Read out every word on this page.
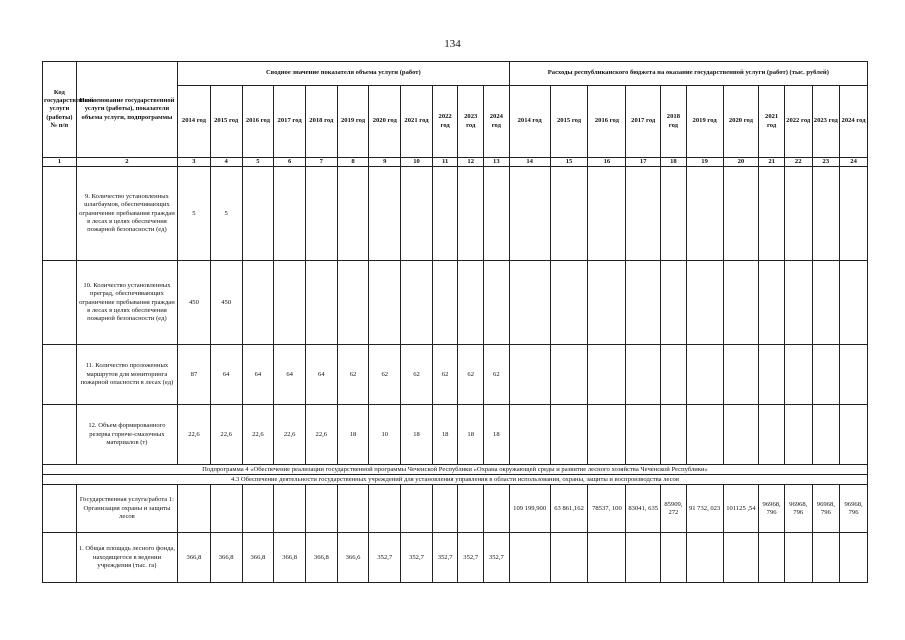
134
Код государственной услуги (работы) № п/п	Наименование государственной услуги (работы), показатели объема услуги, подпрограммы	Сводное значение показателя объема услуги (работ)											Расходы республиканского бюджета на оказание государственной услуги (работ) (тыс. рублей)										
		2014 год	2015 год	2016 год	2017 год	2018 год	2019 год	2020 год	2021 год	2022 год	2023 год	2024 год	2014 год	2015 год	2016 год	2017 год	2018 год	2019 год	2020 год	2021 год	2022 год	2023 год	2024 год
1	2	3	4	5	6	7	8	9	10	11	12	13	14	15	16	17	18	19	20	21	22	23	24
	9. Количество установленных шлагбаумов, обеспечивающих ограничение пребывания граждан в лесах в целях обеспечения пожарной безопасности (ед)	5	5																				
	10. Количество установленных преград, обеспечивающих ограничение пребывания граждан в лесах в целях обеспечения пожарной безопасности (ед)	450	450																				
	11. Количество проложенных маршрутов для мониторинга пожарной опасности в лесах (ед)	87	64	64	64	64	62	62	62	62	62	62											
	12. Объем формированного резерва горюче-смазочных материалов (т)	22,6	22,6	22,6	22,6	22,6	18	10	18	18	18	18											
Подпрограмма 4 «Обеспечение реализации государственной программы Чеченской Республики «Охрана окружающей среды и развитие лесного хозяйства Чеченской Республики»																							
4.3 Обеспечение деятельности государственных учреждений для установления управления в области использования, охраны, защиты и воспроизводства лесов																							
	Государственная услуга/работа 1: Организация охраны и защиты лесов												109 199,900	63 861,162	78537, 100	83041, 635	85909, 272	91 732, 023	101125 ,54	96968, 796	96968, 796	96968, 796	96968, 796
	1. Общая площадь лесного фонда, находящегося в ведении учреждения (тыс. га)	366,8	366,8	366,8	366,8	366,8	366,6	352,7	352,7	352,7	352,7	352,7											
